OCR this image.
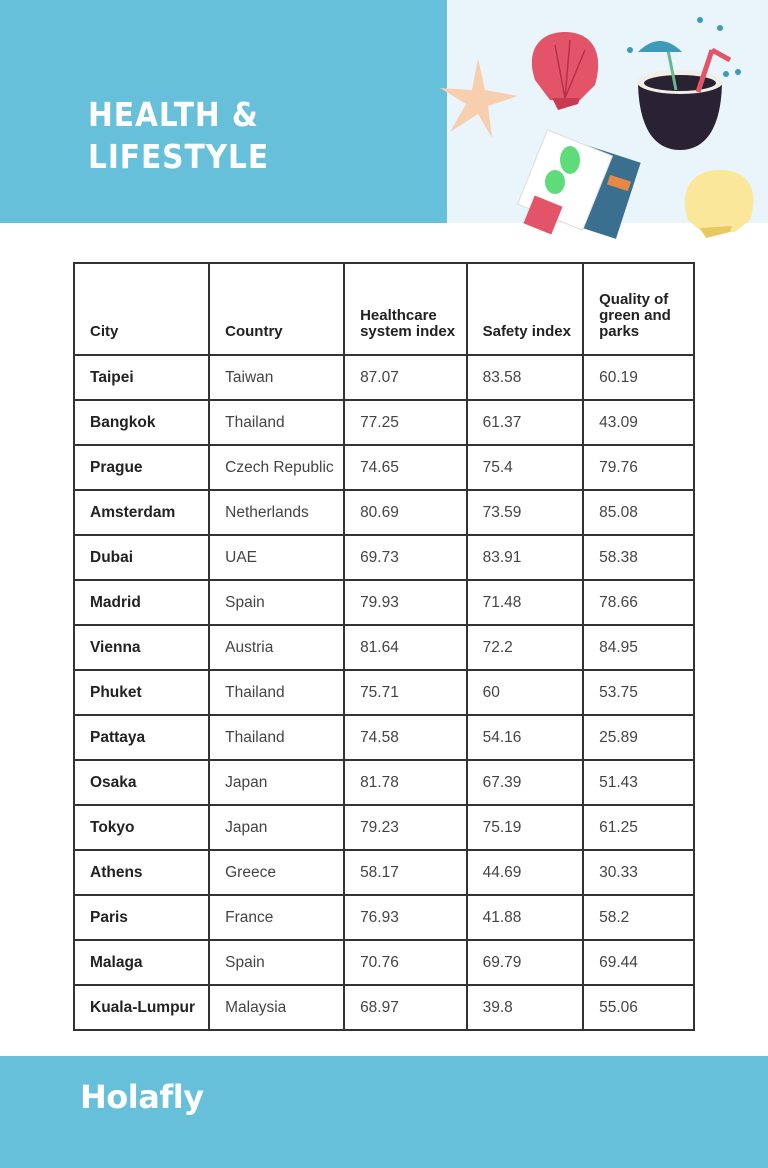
HEALTH &
LIFESTYLE
City	Country	Healthcare system index	Safety index	Quality of green and parks
Taipei	Taiwan	87.07	83.58	60.19
Bangkok	Thailand	77.25	61.37	43.09
Prague	Czech Republic	74.65	75.4	79.76
Amsterdam	Netherlands	80.69	73.59	85.08
Dubai	UAE	69.73	83.91	58.38
Madrid	Spain	79.93	71.48	78.66
Vienna	Austria	81.64	72.2	84.95
Phuket	Thailand	75.71	60	53.75
Pattaya	Thailand	74.58	54.16	25.89
Osaka	Japan	81.78	67.39	51.43
Tokyo	Japan	79.23	75.19	61.25
Athens	Greece	58.17	44.69	30.33
Paris	France	76.93	41.88	58.2
Malaga	Spain	70.76	69.79	69.44
Kuala-Lumpur	Malaysia	68.97	39.8	55.06
Holafly
